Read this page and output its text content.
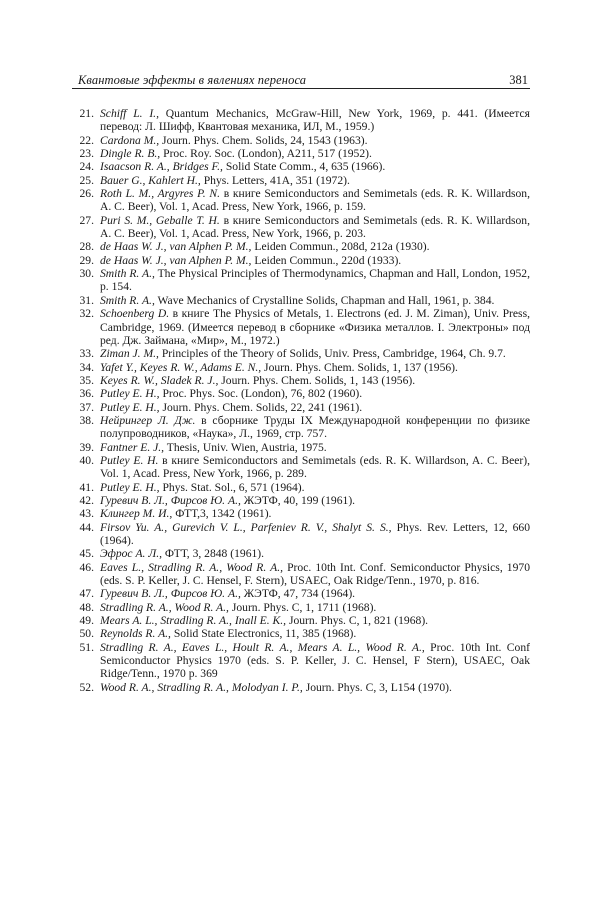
Квантовые эффекты в явлениях переноса	381
21. Schiff L. I., Quantum Mechanics, McGraw-Hill, New York, 1969, p. 441. (Имеется перевод: Л. Шифф, Квантовая механика, ИЛ, М., 1959.)
22. Cardona M., Journ. Phys. Chem. Solids, 24, 1543 (1963).
23. Dingle R. B., Proc. Roy. Soc. (London), A211, 517 (1952).
24. Isaacson R. A., Bridges F., Solid State Comm., 4, 635 (1966).
25. Bauer G., Kahlert H., Phys. Letters, 41A, 351 (1972).
26. Roth L. M., Argyres P. N. в книге Semiconductors and Semimetals (eds. R. K. Willardson, A. C. Beer), Vol. 1, Acad. Press, New York, 1966, p. 159.
27. Puri S. M., Geballe T. H. в книге Semiconductors and Semimetals (eds. R. K. Willardson, A. C. Beer), Vol. 1, Acad. Press, New York, 1966, p. 203.
28. de Haas W. J., van Alphen P. M., Leiden Commun., 208d, 212a (1930).
29. de Haas W. J., van Alphen P. M., Leiden Commun., 220d (1933).
30. Smith R. A., The Physical Principles of Thermodynamics, Chapman and Hall, London, 1952, p. 154.
31. Smith R. A., Wave Mechanics of Crystalline Solids, Chapman and Hall, 1961, p. 384.
32. Schoenberg D. в книге The Physics of Metals, 1. Electrons (ed. J. M. Ziman), Univ. Press, Cambridge, 1969. (Имеется перевод в сборнике «Физика металлов. I. Электроны» под ред. Дж. Займана, «Мир», М., 1972.)
33. Ziman J. M., Principles of the Theory of Solids, Univ. Press, Cambridge, 1964, Ch. 9.7.
34. Yafet Y., Keyes R. W., Adams E. N., Journ. Phys. Chem. Solids, 1, 137 (1956).
35. Keyes R. W., Sladek R. J., Journ. Phys. Chem. Solids, 1, 143 (1956).
36. Putley E. H., Proc. Phys. Soc. (London), 76, 802 (1960).
37. Putley E. H., Journ. Phys. Chem. Solids, 22, 241 (1961).
38. Нейрингер Л. Дж. в сборнике Труды IX Международной конференции по физике полупроводников, «Наука», Л., 1969, стр. 757.
39. Fantner E. J., Thesis, Univ. Wien, Austria, 1975.
40. Putley E. H. в книге Semiconductors and Semimetals (eds. R. K. Willardson, A. C. Beer), Vol. 1, Acad. Press, New York, 1966, p. 289.
41. Putley E. H., Phys. Stat. Sol., 6, 571 (1964).
42. Гуревич В. Л., Фирсов Ю. А., ЖЭТФ, 40, 199 (1961).
43. Клингер М. И., ФТТ,3, 1342 (1961).
44. Firsov Yu. A., Gurevich V. L., Parfeniev R. V., Shalyt S. S., Phys. Rev. Letters, 12, 660 (1964).
45. Эфрос А. Л., ФТТ, 3, 2848 (1961).
46. Eaves L., Stradling R. A., Wood R. A., Proc. 10th Int. Conf. Semiconductor Physics, 1970 (eds. S. P. Keller, J. C. Hensel, F. Stern), USAEC, Oak Ridge/Tenn., 1970, p. 816.
47. Гуревич В. Л., Фирсов Ю. А., ЖЭТФ, 47, 734 (1964).
48. Stradling R. A., Wood R. A., Journ. Phys. C, 1, 1711 (1968).
49. Mears A. L., Stradling R. A., Inall E. K., Journ. Phys. C, 1, 821 (1968).
50. Reynolds R. A., Solid State Electronics, 11, 385 (1968).
51. Stradling R. A., Eaves L., Hoult R. A., Mears A. L., Wood R. A., Proc. 10th Int. Conf Semiconductor Physics 1970 (eds. S. P. Keller, J. C. Hensel, F Stern), USAEC, Oak Ridge/Tenn., 1970 p. 369
52. Wood R. A., Stradling R. A., Molodyan I. P., Journ. Phys. C, 3, L154 (1970).
